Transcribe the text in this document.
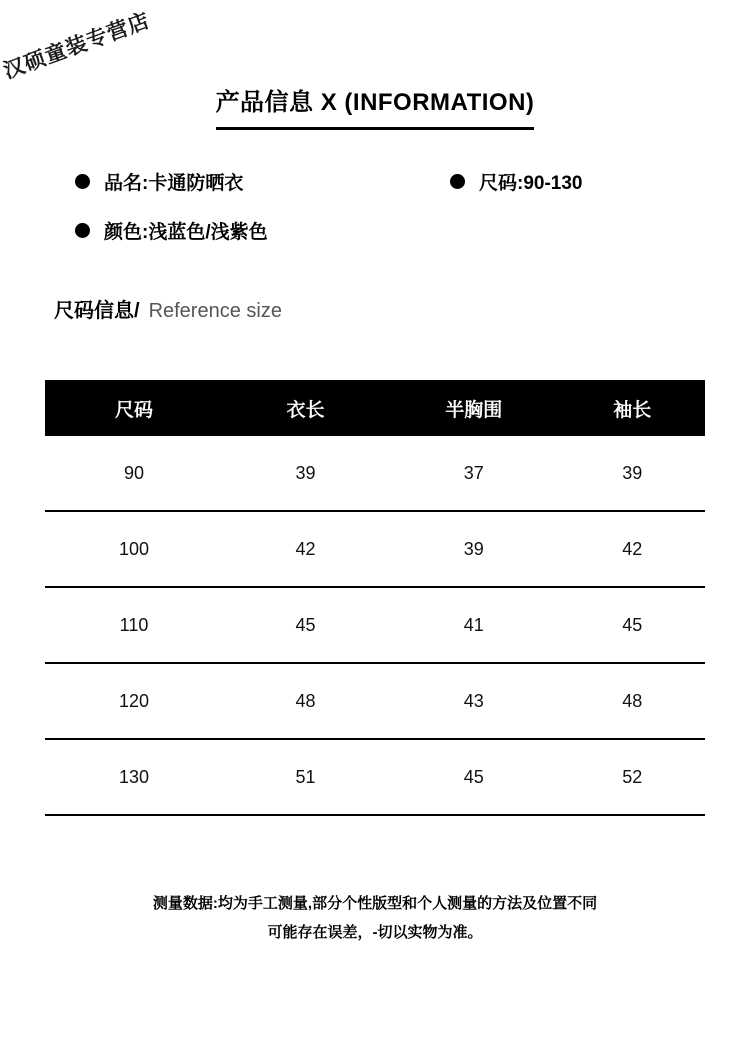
汉硕童装专营店
产品信息 X (INFORMATION)
品名:卡通防晒衣	尺码:90-130
颜色:浅蓝色/浅紫色
尺码信息 / Reference size
尺码	衣长	半胸围	袖长
90	39	37	39
100	42	39	42
110	45	41	45
120	48	43	48
130	51	45	52
测量数据:均为手工测量,部分个性版型和个人测量的方法及位置不同
可能存在误差，-切以实物为准。
